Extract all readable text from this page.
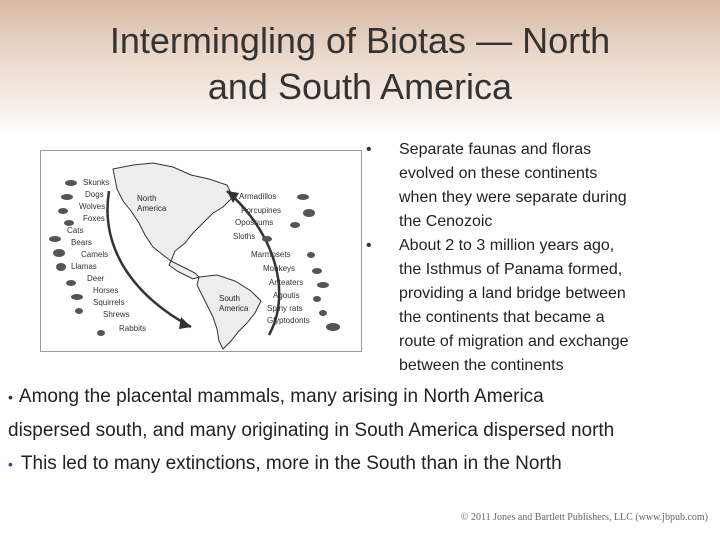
Intermingling of Biotas — North
and South America
North
America
South
America
Skunks
Dogs
Wolves
Foxes
Cats
Bears
Camels
Llamas
Deer
Horses
Squirrels
Shrews
Rabbits
Armadillos
Porcupines
Opossums
Sloths
Marmosets
Monkeys
Anteaters
Agoutis
Spiny rats
Glyptodonts
• Separate faunas and floras
evolved on these continents
when they were separate during
the Cenozoic
• About 2 to 3 million years ago,
the Isthmus of Panama formed,
providing a land bridge between
the continents that became a
route of migration and exchange
between the continents

• Among the placental mammals, many arising in North America

dispersed south, and many originating in South America dispersed north

• This led to many extinctions, more in the South than in the North

© 2011 Jones and Bartlett Publishers, LLC (www.jbpub.com)
